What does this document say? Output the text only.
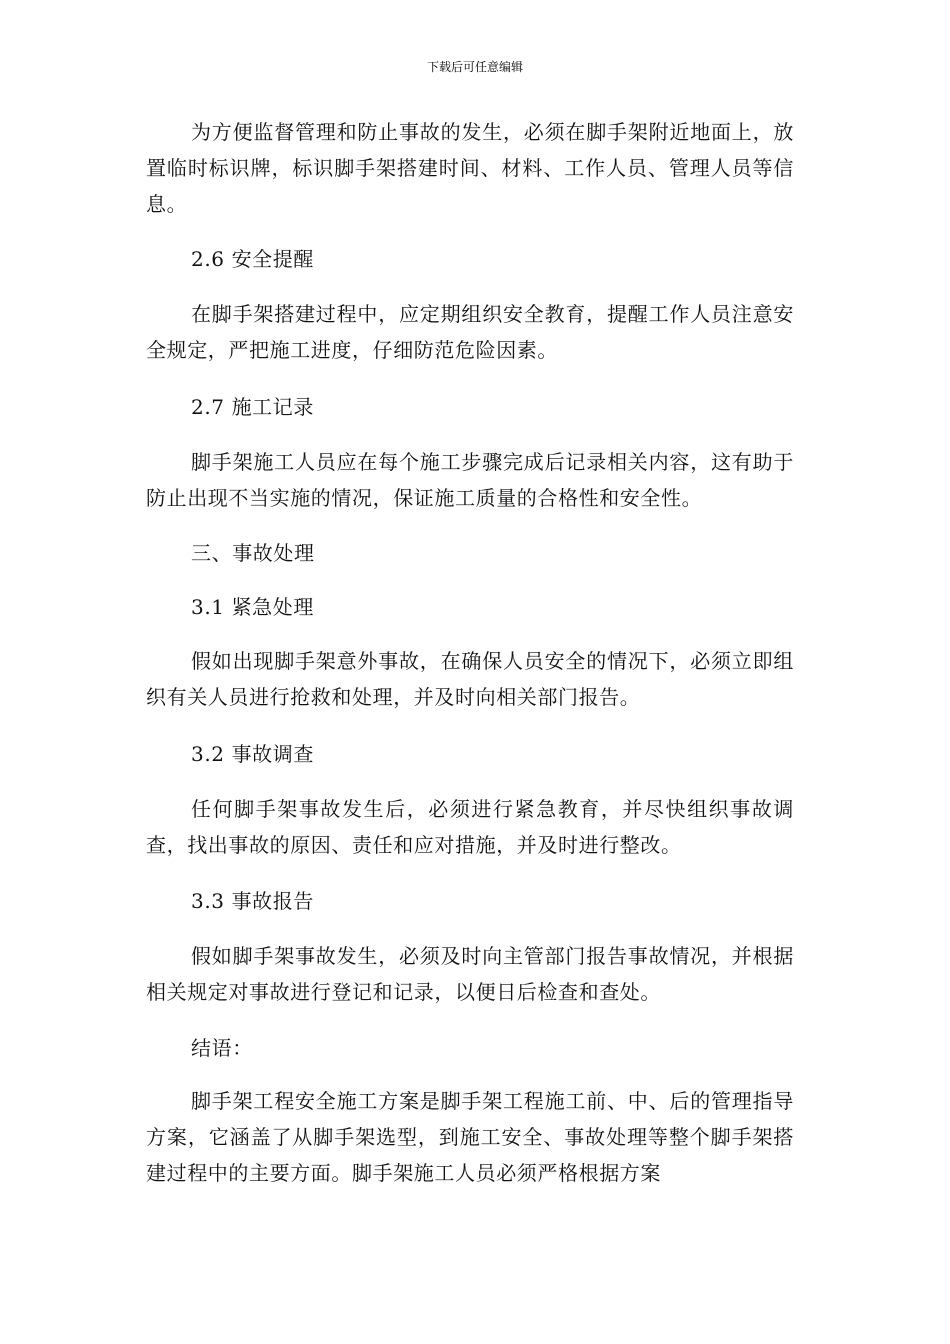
下载后可任意编辑

为方便监督管理和防止事故的发生，必须在脚手架附近地面上，放置临时标识牌，标识脚手架搭建时间、材料、工作人员、管理人员等信息。

2.6 安全提醒

在脚手架搭建过程中，应定期组织安全教育，提醒工作人员注意安全规定，严把施工进度，仔细防范危险因素。

2.7 施工记录

脚手架施工人员应在每个施工步骤完成后记录相关内容，这有助于防止出现不当实施的情况，保证施工质量的合格性和安全性。

三、事故处理

3.1 紧急处理

假如出现脚手架意外事故，在确保人员安全的情况下，必须立即组织有关人员进行抢救和处理，并及时向相关部门报告。

3.2 事故调查

任何脚手架事故发生后，必须进行紧急教育，并尽快组织事故调查，找出事故的原因、责任和应对措施，并及时进行整改。

3.3 事故报告

假如脚手架事故发生，必须及时向主管部门报告事故情况，并根据相关规定对事故进行登记和记录，以便日后检查和查处。

结语：

脚手架工程安全施工方案是脚手架工程施工前、中、后的管理指导方案，它涵盖了从脚手架选型，到施工安全、事故处理等整个脚手架搭建过程中的主要方面。脚手架施工人员必须严格根据方案
